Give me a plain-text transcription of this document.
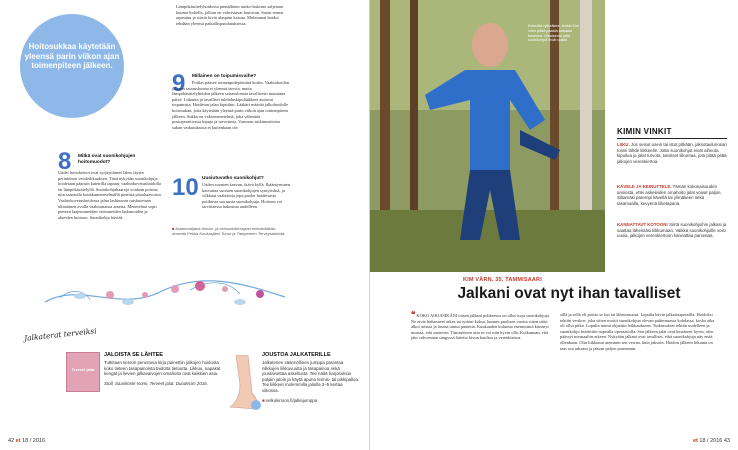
Hoitosukkaa käytetään yleensä parin viikon ajan toimenpiteen jälkeen.

Lämpökäsittelyhoidossa pinnallinen runko-laskimo suljetaan kuuma-koholla, jolloin ne vahvistavat luutuvan. Suoni ennen arpeutuu ja siirrät kiviä alaspäin katoaa. Molemmat hoidot tehdään yleensä paikallispuudutuksessa.

8 Mitkä ovat suonikohjujen hoitomuodot?

Uudet hoitokeinot ovat syrjäyttäneet lähes täysin perinteisen vetoleikkauksen. Tänä nykyään suonikohjuja hoidetaan pääosin katetrilla tapaan: vaahtokovetushoidolla tai lämpökäsittelyllä. Suonikohjuhaaroja voidaan poistaa niin sanotulla koukkumenetelmällä pienistä pistohaavoista. Vaahtokovetushoidossa jalan laskimoon ruiskutetaan ultraäänen avulla vaahtomaista ainetta. Menetelmä sopii pienten laajentuneiden viottuneiden laskimoiden ja alueiden hoitoon. Suonikohju häviää.

9 Millainen on toipumisvaihe?

Potilas pääsee toimenpidepäivänä kotiin. Vaahtohoidon jälkeen sairauslomaa ei yleensä tarvita, mutta lämpökäsittelyhoidon jälkeen sairauslomaa tavallisesti muutama päivä. Liikunta ja tavalliset tulehduskipulääkkeet auttavat toipumista. Hoidetun jalan kipuihin. Lääkäri määrää jalkohoidolle hoitosukan, joita käytetään yleensä parin viikon ajan toimenpiteen jälkeen. Sukka on vakiomenetelmä, joka vähentää postoperatiivisia kipuja ja turvotusta. Varmuus tutkimustietoa sukan vaikutuksista ei kuitenkaan ole.

10 Uusiutuvatko suonikohjut?

Uuden suonten kasvun, ikävä kyllä. Ikääntyminen kasvattaa suonien suonikohjujen syntyriskiä, ja vilkkaat vaahdosta jopa puolet hoidetuista potilaista saa uusia suonikohjuja. Hoitoon voi tarvittaessa hakeutua uudelleen.

■ Asiantuntijana thorax- ja verisuonikirurgian erikoislääkäri, dosentti Pekka Kuukasjärvi Turun ja Tampereen Terveystaloista.
Jalkaterat terveiksi
Terveet jalat
JALOISTA SE LÄHTEE
Tutkitaan tietoon perustuva kirja painettiin jalkojen hoidosta koko tieteen tasapainoista taidotta tietoutta. Likkuu, napakat kengät ja lievien jalkavaivojen omahoito ovat kaikkien asia.
Stoll, Saarikoski-Isomi. Terveet jalat. Duodecim 2016.
JOUSTOA JALKATERILLE
Jalkaterien säännöllinen jumppa parantaa nilkkojen liikkuvuutta ja tasapainoa sekä joustavoittaa askellusta. Tee näitä harjoituksia paljain jaloin ja käytä apuna tennis- tai pikkipalloa. Tee liikkeet molemmilla jaloilla 3–5 kertaa viikossa.
■ selkokirioon.fi/jalkajumppa
42 et 18 / 2016
Koivuilla rytkeäkee, lenkki Kim Värn pitää paasia sataaaa toisessa. Oikaisenut jotta suonikohjut eivät uusisi.
KIMIN VINKIT
LIIKU. Jos seisut usein tai istut pitkään, jaksotaulunosan toimii lähde liikkeelle. Jotta suonikohjut eivät aiheuta kipuilua ja jalat turvota, tarvitset liikuntaa, jota pitää pitää jalkojen verenkiertoa.
KÄVELE JA KEINUTTELE. Tämän kokonaisuuden ansiosta, ettei askeleiden omahoito jalat voivat paljon. Siltamäki parempi kävellä tai ylimäkeen sekä tasamaalla, kevyenä liiketapana.
KANNATTAVT KOTOON! Siirtä suonikohjoihin jalkasi ja saattaa läheistäsi liikkumaan. Vaikka suonikohjuille voisi uusia, jalkojen verenkiertoon kannattaa panostaa.
KIM VÄRN, 35, TAMMISAARI
Jalkani ovat nyt ihan tavalliset

❝ KOKO AIKUISIKÄNI toisen jalkani pohkeessa on ollut isoja suonikohjuja. Ne eivät haitanneet arkea tai tyttöni koksa, kunnes puolisen vuotta sitten sääri alkoi aristaa ja laseaa tuntui painetta. Kuukauden kuluttua enemmästä kärsinyt mustaa, että suonesin. Tämmöinen asia se voi niin hyvin olla. Koikunnan, että jäin valvomaan sängyssä laitetta kivun kuultoa ja verenkiertoa.

sillä ja sellä oli poisto se luo tai lähisensuoni. Lopulta kävin jalkaterapeutilla. Hoidoksi tehtiin verikoe, joka sitten osoitti suonikohjun olevan pahimmassa kohdassa, koska aika oli ollut pitkä. Lopulta minut ohjattiin leikkaukseen. Tutkimukset tehtiin uudelleen ja suonikohju hoidettiin nopealla operaatiolla. Sen jälkeen jalat ovat kestäneet hyvin, olen päässyt normaaliin arkeen. Nykyään jalkani ovat tavalliset, eikä suonikohjuja näy enää ollenkaan. Olin liikkunut aiemmin sen verran, kuin jaksoin. Hoidon jälkeen liikunta on taas osa arkeani ja jaksan paljon paremmin.

et 18 / 2016 43
